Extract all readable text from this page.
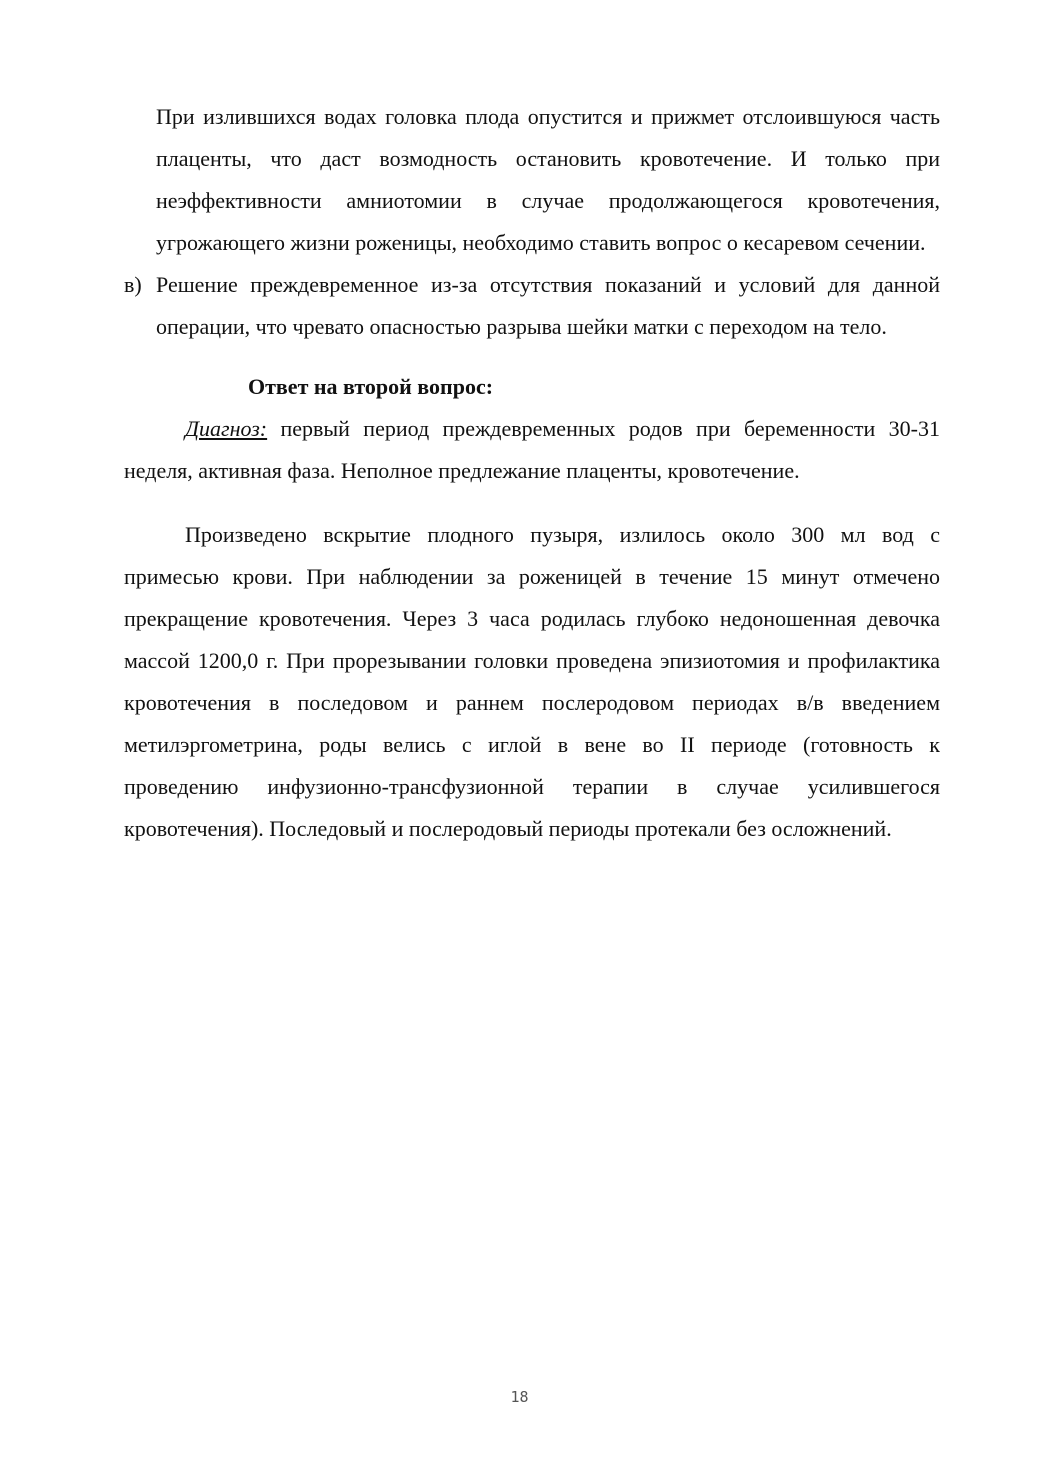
При излившихся водах головка плода опустится и прижмет отслоившуюся часть плаценты, что даст возмодность остановить кровотечение. И только при неэффективности амниотомии в случае продолжающегося кровотечения, угрожающего жизни роженицы, необходимо ставить вопрос о кесаревом сечении.

в) Решение преждевременное из-за отсутствия показаний и условий для данной операции, что чревато опасностью разрыва шейки матки с переходом на тело.
Ответ на второй вопрос:

Диагноз: первый период преждевременных родов при беременности 30-31 неделя, активная фаза. Неполное предлежание плаценты, кровотечение.

Произведено вскрытие плодного пузыря, излилось около 300 мл вод с примесью крови. При наблюдении за роженицей в течение 15 минут отмечено прекращение кровотечения. Через 3 часа родилась глубоко недоношенная девочка массой 1200,0 г. При прорезывании головки проведена эпизиотомия и профилактика кровотечения в последовом и раннем послеродовом периодах в/в введением метилэргометрина, роды велись с иглой в вене во II периоде (готовность к проведению инфузионно-трансфузионной терапии в случае усилившегося кровотечения). Последовый и послеродовый периоды протекали без осложнений.

18
